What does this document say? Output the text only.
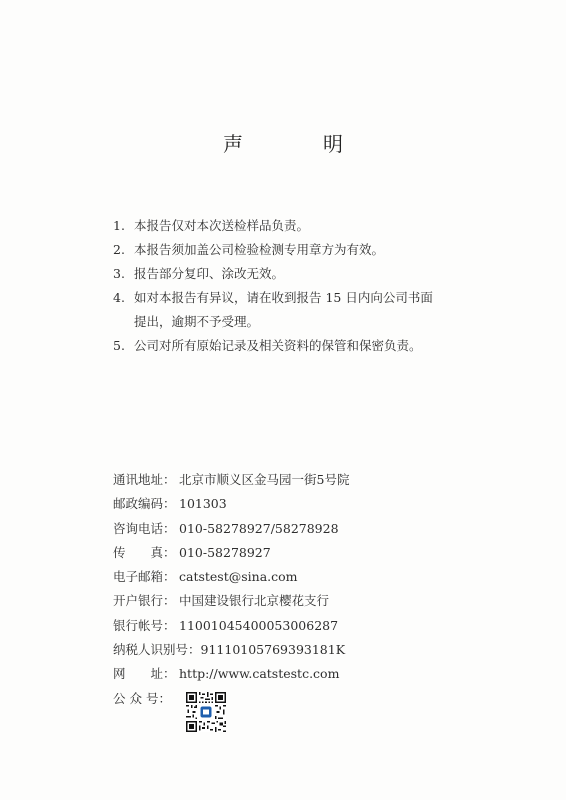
声　明
1. 本报告仅对本次送检样品负责。
2. 本报告须加盖公司检验检测专用章方为有效。
3. 报告部分复印、涂改无效。
4. 如对本报告有异议，请在收到报告 15 日内向公司书面提出，逾期不予受理。
5. 公司对所有原始记录及相关资料的保管和保密负责。
通讯地址： 北京市顺义区金马园一街5号院
邮政编码： 101303
咨询电话： 010-58278927/58278928
传　　真： 010-58278927
电子邮箱： catstest@sina.com
开户银行： 中国建设银行北京樱花支行
银行帐号： 11001045400053006287
纳税人识别号：91110105769393181K
网　　址： http://www.catstestc.com
公 众 号：
